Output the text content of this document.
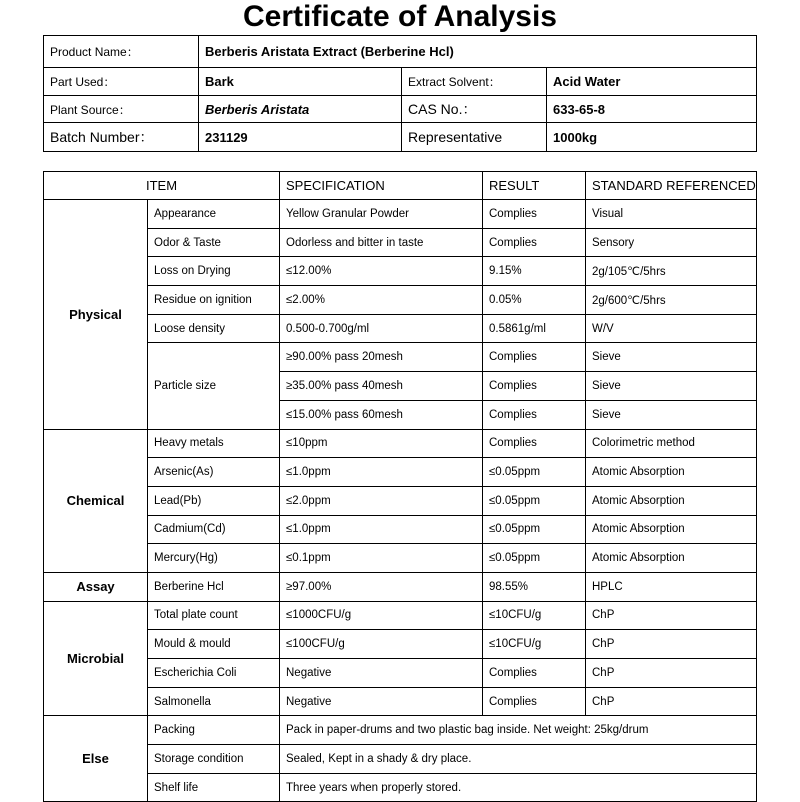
Certificate of Analysis
Product Name：	Berberis Aristata Extract (Berberine Hcl)		
Part Used：	Bark	Extract Solvent：	Acid Water
Plant Source：	Berberis Aristata	CAS No.：	633-65-8
Batch Number：	231129	Representative	1000kg
ITEM		SPECIFICATION	RESULT	STANDARD REFERENCED
Physical	Appearance	Yellow Granular Powder	Complies	Visual
	Odor & Taste	Odorless and bitter in taste	Complies	Sensory
	Loss on Drying	≤12.00%	9.15%	2g/105℃/5hrs
	Residue on ignition	≤2.00%	0.05%	2g/600℃/5hrs
	Loose density	0.500-0.700g/ml	0.5861g/ml	W/V
	Particle size	≥90.00% pass 20mesh	Complies	Sieve
		≥35.00% pass 40mesh	Complies	Sieve
		≤15.00% pass 60mesh	Complies	Sieve
Chemical	Heavy metals	≤10ppm	Complies	Colorimetric method
	Arsenic(As)	≤1.0ppm	≤0.05ppm	Atomic Absorption
	Lead(Pb)	≤2.0ppm	≤0.05ppm	Atomic Absorption
	Cadmium(Cd)	≤1.0ppm	≤0.05ppm	Atomic Absorption
	Mercury(Hg)	≤0.1ppm	≤0.05ppm	Atomic Absorption
Assay	Berberine Hcl	≥97.00%	98.55%	HPLC
Microbial	Total plate count	≤1000CFU/g	≤10CFU/g	ChP
	Mould & mould	≤100CFU/g	≤10CFU/g	ChP
	Escherichia Coli	Negative	Complies	ChP
	Salmonella	Negative	Complies	ChP
Else	Packing	Pack in paper-drums and two plastic bag inside. Net weight: 25kg/drum		
	Storage condition	Sealed, Kept in a shady & dry place.		
	Shelf life	Three years when properly stored.		
